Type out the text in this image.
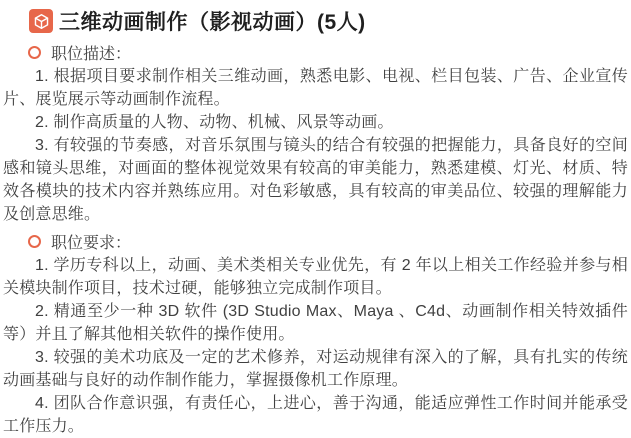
三维动画制作（影视动画）(5人)
职位描述：

1. 根据项目要求制作相关三维动画，熟悉电影、电视、栏目包装、广告、企业宣传片、展览展示等动画制作流程。

2. 制作高质量的人物、动物、机械、风景等动画。

3. 有较强的节奏感，对音乐氛围与镜头的结合有较强的把握能力，具备良好的空间感和镜头思维，对画面的整体视觉效果有较高的审美能力，熟悉建模、灯光、材质、特效各模块的技术内容并熟练应用。对色彩敏感，具有较高的审美品位、较强的理解能力及创意思维。

职位要求：

1. 学历专科以上，动画、美术类相关专业优先，有 2 年以上相关工作经验并参与相关模块制作项目，技术过硬，能够独立完成制作项目。

2. 精通至少一种 3D 软件 (3D Studio Max、Maya 、C4d、动画制作相关特效插件等）并且了解其他相关软件的操作使用。

3. 较强的美术功底及一定的艺术修养，对运动规律有深入的了解，具有扎实的传统动画基础与良好的动作制作能力，掌握摄像机工作原理。

4. 团队合作意识强，有责任心，上进心，善于沟通，能适应弹性工作时间并能承受工作压力。
